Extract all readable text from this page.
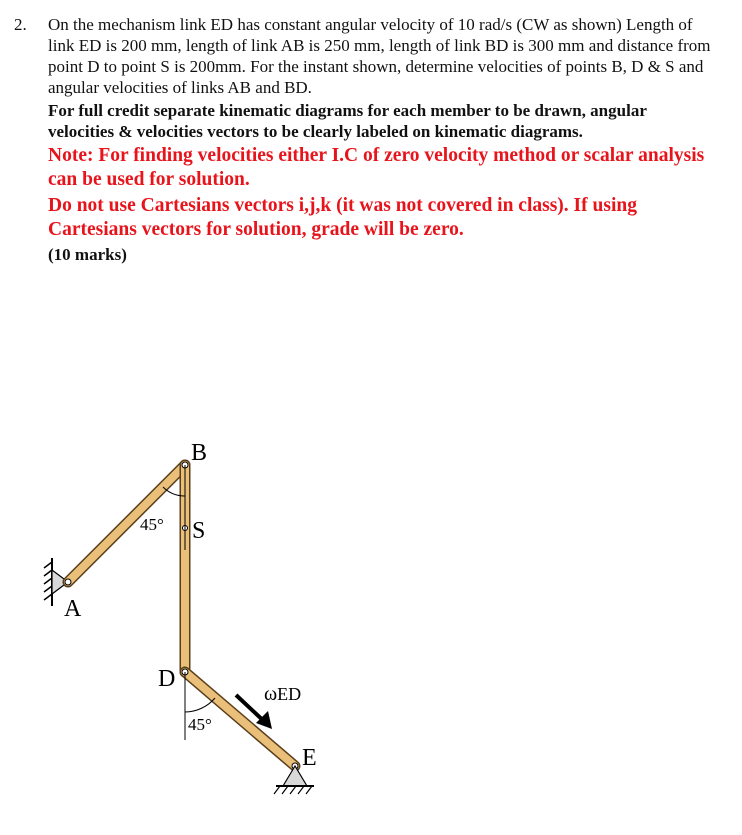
2. On the mechanism link ED has constant angular velocity of 10 rad/s (CW as shown) Length of link ED is 200 mm, length of link AB is 250 mm, length of link BD is 300 mm and distance from point D to point S is 200mm. For the instant shown, determine velocities of points B, D & S and angular velocities of links AB and BD.

For full credit separate kinematic diagrams for each member to be drawn, angular velocities & velocities vectors to be clearly labeled on kinematic diagrams.

Note: For finding velocities either I.C of zero velocity method or scalar analysis can be used for solution.

Do not use Cartesians vectors i,j,k (it was not covered in class). If using Cartesians vectors for solution, grade will be zero.

(10 marks)

B
S
A
D
E
45°
45°
ωED
